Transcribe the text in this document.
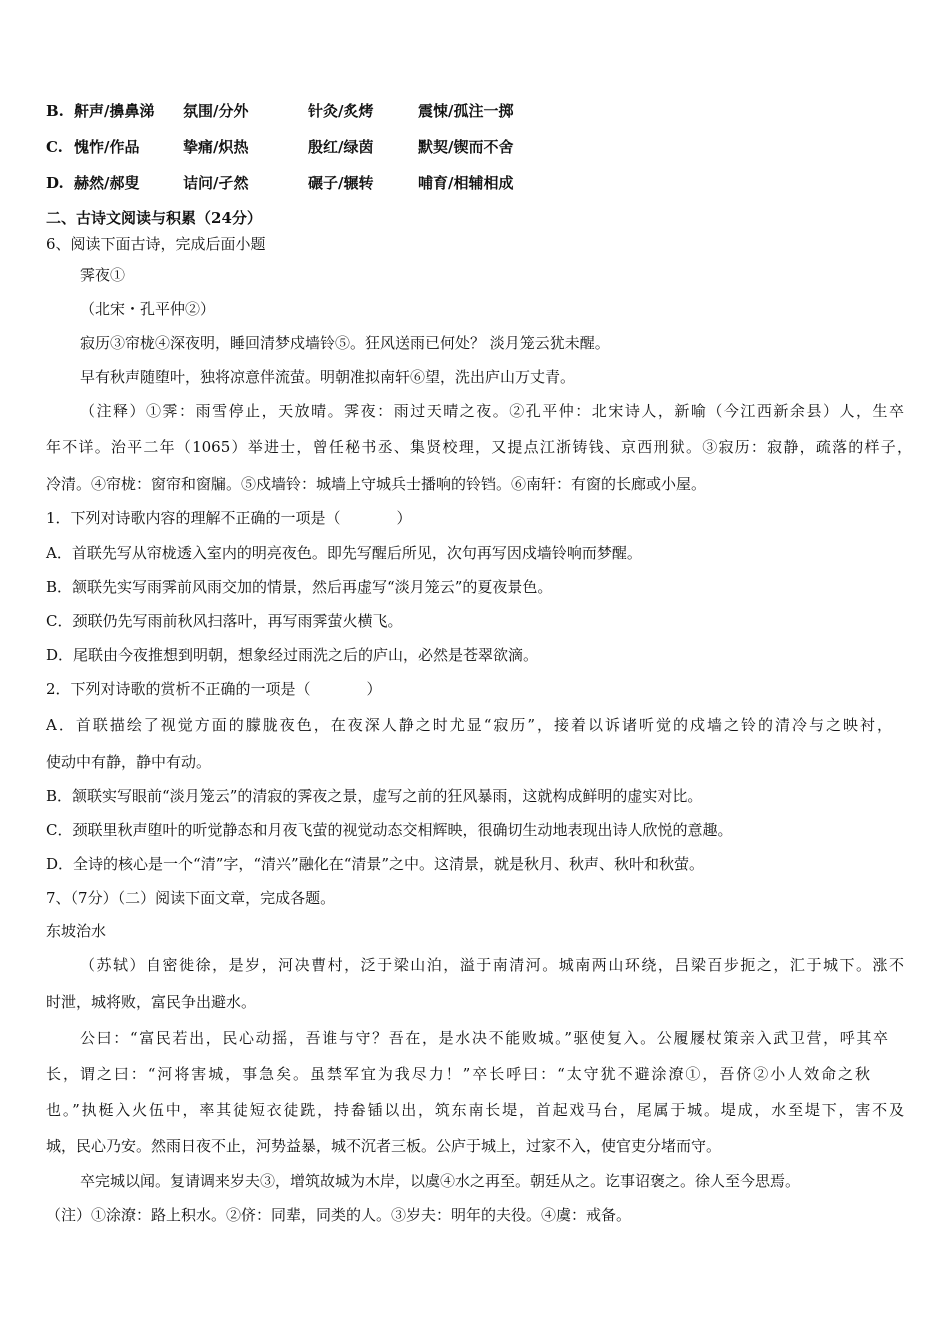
B. 鼾声/擤鼻涕 氛围/分外	针灸/炙烤	震悚/孤注一掷
C. 愧怍/作品	挚痛/炽热	殷红/绿茵	默契/锲而不舍
D. 赫然/郝叟	诘问/孑然	碾子/辗转	哺育/相辅相成
二、古诗文阅读与积累（24分）
6、阅读下面古诗，完成后面小题
霁夜①
（北宋・孔平仲②）
寂历③帘栊④深夜明，睡回清梦戍墙铃⑤。狂风送雨已何处？ 淡月笼云犹未醒。
早有秋声随堕叶，独将凉意伴流萤。明朝准拟南轩⑥望，洗出庐山万丈青。
（注释）①霁：雨雪停止，天放晴。霁夜：雨过天晴之夜。②孔平仲：北宋诗人，新喻（今江西新余县）人，生卒
年不详。治平二年（1065）举进士，曾任秘书丞、集贤校理，又提点江浙铸钱、京西刑狱。③寂历：寂静，疏落的样子，
冷清。④帘栊：窗帘和窗牖。⑤戍墙铃：城墙上守城兵士播响的铃铛。⑥南轩：有窗的长廊或小屋。
1．下列对诗歌内容的理解不正确的一项是（	）
A．首联先写从帘栊透入室内的明亮夜色。即先写醒后所见，次句再写因戍墙铃响而梦醒。
B．颔联先实写雨霁前风雨交加的情景，然后再虚写“淡月笼云”的夏夜景色。
C．颈联仍先写雨前秋风扫落叶，再写雨霁萤火横飞。
D．尾联由今夜推想到明朝，想象经过雨洗之后的庐山，必然是苍翠欲滴。
2．下列对诗歌的赏析不正确的一项是（	）
A．首联描绘了视觉方面的朦胧夜色，在夜深人静之时尤显“寂历”，接着以诉诸听觉的戍墙之铃的清冷与之映衬，
使动中有静，静中有动。
B．颔联实写眼前“淡月笼云”的清寂的霁夜之景，虚写之前的狂风暴雨，这就构成鲜明的虚实对比。
C．颈联里秋声堕叶的听觉静态和月夜飞萤的视觉动态交相辉映，很确切生动地表现出诗人欣悦的意趣。
D．全诗的核心是一个“清”字，“清兴”融化在“清景”之中。这清景，就是秋月、秋声、秋叶和秋萤。
7、（7分）（二）阅读下面文章，完成各题。
东坡治水
（苏轼）自密徙徐，是岁，河决曹村，泛于梁山泊，溢于南清河。城南两山环绕，吕梁百步扼之，汇于城下。涨不
时泄，城将败，富民争出避水。
公曰：“富民若出，民心动摇，吾谁与守？吾在，是水决不能败城。”驱使复入。公履屦杖策亲入武卫营，呼其卒
长，谓之曰：“河将害城，事急矣。虽禁军宜为我尽力！”卒长呼曰：“太守犹不避涂潦①，吾侪②小人效命之秋
也。”执梃入火伍中，率其徒短衣徒跣，持畚锸以出，筑东南长堤，首起戏马台，尾属于城。堤成，水至堤下，害不及
城，民心乃安。然雨日夜不止，河势益暴，城不沉者三板。公庐于城上，过家不入，使官吏分堵而守。
卒完城以闻。复请调来岁夫③，增筑故城为木岸，以虞④水之再至。朝廷从之。讫事诏褒之。徐人至今思焉。
（注）①涂潦：路上积水。②侪：同辈，同类的人。③岁夫：明年的夫役。④虞：戒备。
